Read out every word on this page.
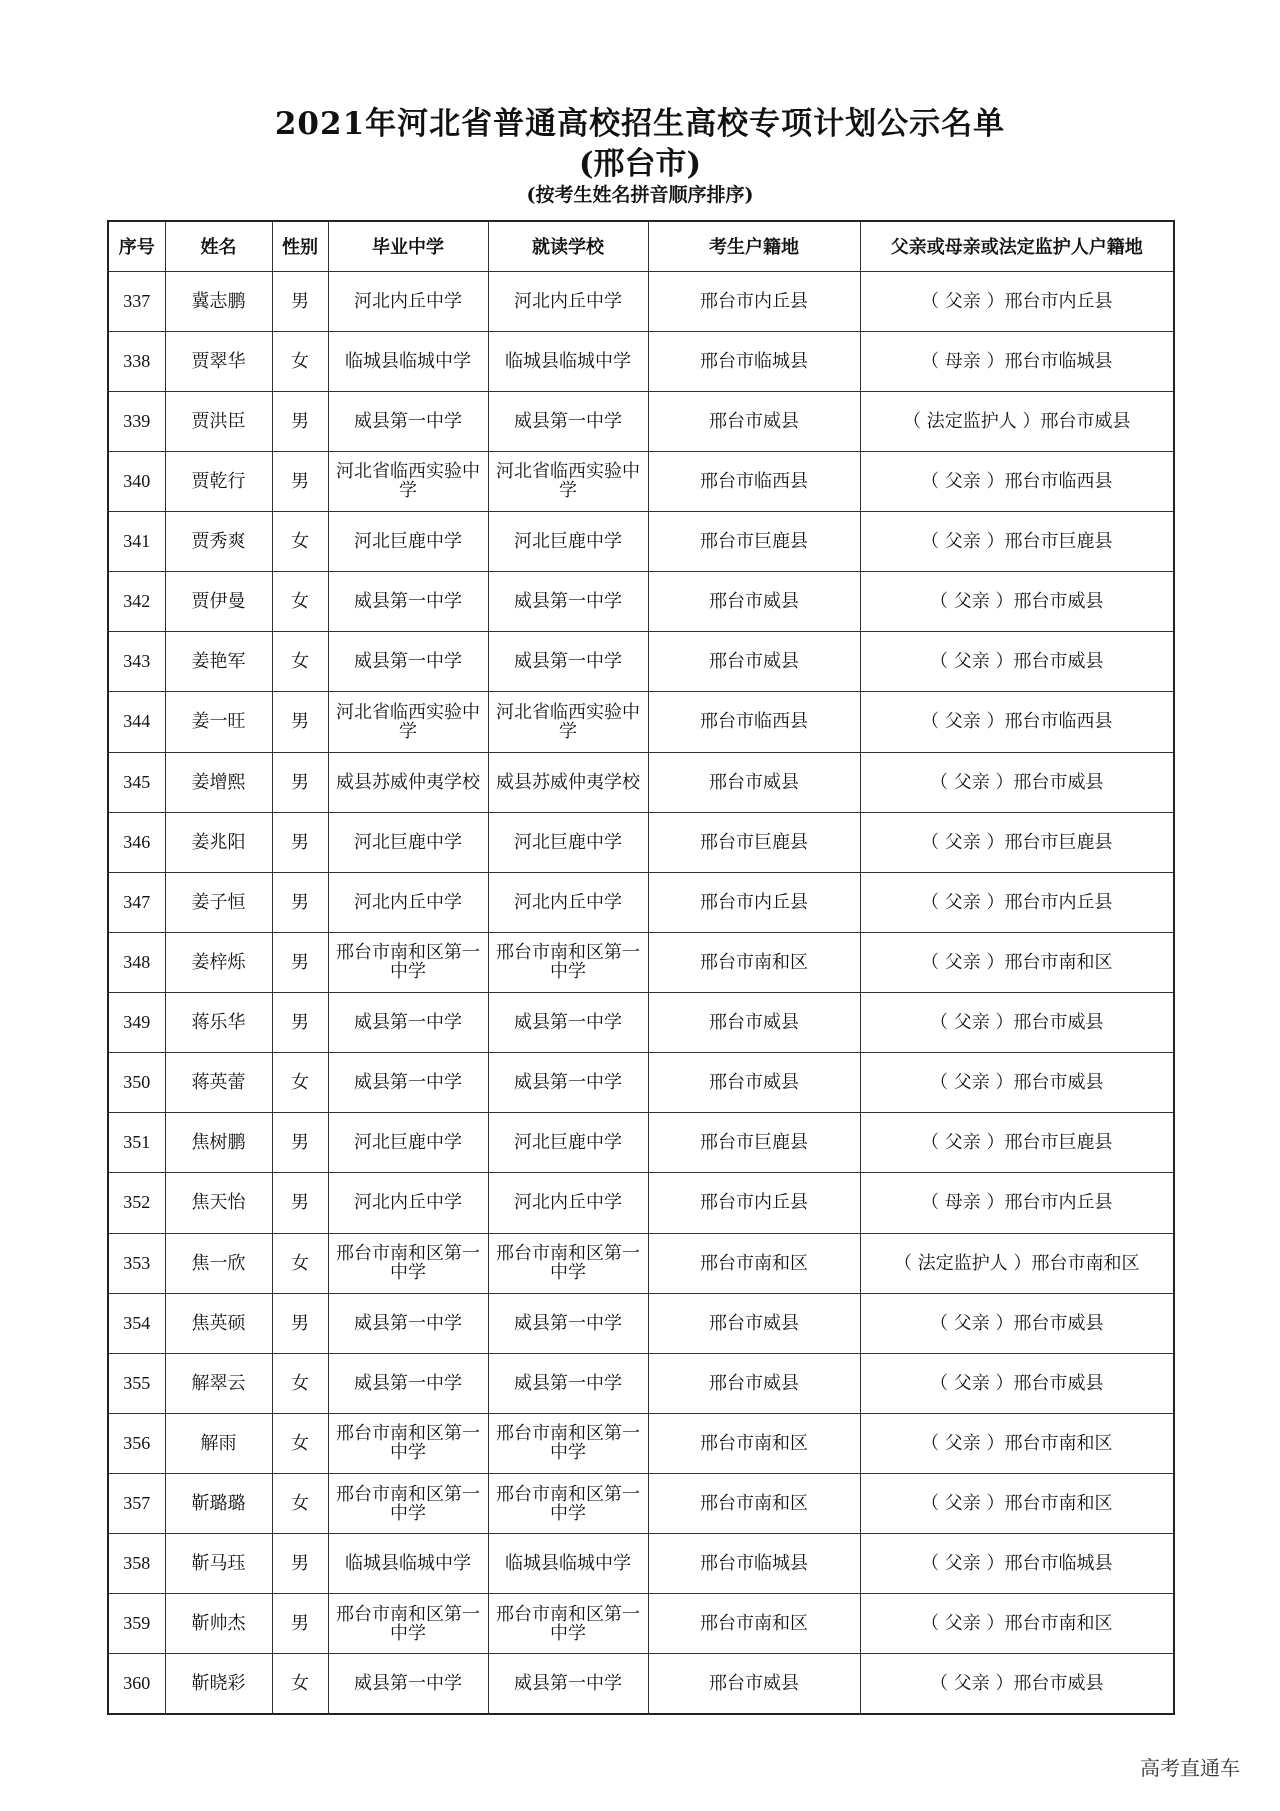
2021年河北省普通高校招生高校专项计划公示名单
(邢台市)
(按考生姓名拼音顺序排序)
序号	姓名	性别	毕业中学	就读学校	考生户籍地	父亲或母亲或法定监护人户籍地
337	冀志鹏	男	河北内丘中学	河北内丘中学	邢台市内丘县	（ 父亲 ）邢台市内丘县
338	贾翠华	女	临城县临城中学	临城县临城中学	邢台市临城县	（ 母亲 ）邢台市临城县
339	贾洪臣	男	威县第一中学	威县第一中学	邢台市威县	（ 法定监护人 ）邢台市威县
340	贾乾行	男	河北省临西实验中学	河北省临西实验中学	邢台市临西县	（ 父亲 ）邢台市临西县
341	贾秀爽	女	河北巨鹿中学	河北巨鹿中学	邢台市巨鹿县	（ 父亲 ）邢台市巨鹿县
342	贾伊曼	女	威县第一中学	威县第一中学	邢台市威县	（ 父亲 ）邢台市威县
343	姜艳军	女	威县第一中学	威县第一中学	邢台市威县	（ 父亲 ）邢台市威县
344	姜一旺	男	河北省临西实验中学	河北省临西实验中学	邢台市临西县	（ 父亲 ）邢台市临西县
345	姜增熙	男	威县苏威仲夷学校	威县苏威仲夷学校	邢台市威县	（ 父亲 ）邢台市威县
346	姜兆阳	男	河北巨鹿中学	河北巨鹿中学	邢台市巨鹿县	（ 父亲 ）邢台市巨鹿县
347	姜子恒	男	河北内丘中学	河北内丘中学	邢台市内丘县	（ 父亲 ）邢台市内丘县
348	姜梓烁	男	邢台市南和区第一中学	邢台市南和区第一中学	邢台市南和区	（ 父亲 ）邢台市南和区
349	蒋乐华	男	威县第一中学	威县第一中学	邢台市威县	（ 父亲 ）邢台市威县
350	蒋英蕾	女	威县第一中学	威县第一中学	邢台市威县	（ 父亲 ）邢台市威县
351	焦树鹏	男	河北巨鹿中学	河北巨鹿中学	邢台市巨鹿县	（ 父亲 ）邢台市巨鹿县
352	焦天怡	男	河北内丘中学	河北内丘中学	邢台市内丘县	（ 母亲 ）邢台市内丘县
353	焦一欣	女	邢台市南和区第一中学	邢台市南和区第一中学	邢台市南和区	（ 法定监护人 ）邢台市南和区
354	焦英硕	男	威县第一中学	威县第一中学	邢台市威县	（ 父亲 ）邢台市威县
355	解翠云	女	威县第一中学	威县第一中学	邢台市威县	（ 父亲 ）邢台市威县
356	解雨	女	邢台市南和区第一中学	邢台市南和区第一中学	邢台市南和区	（ 父亲 ）邢台市南和区
357	靳璐璐	女	邢台市南和区第一中学	邢台市南和区第一中学	邢台市南和区	（ 父亲 ）邢台市南和区
358	靳马珏	男	临城县临城中学	临城县临城中学	邢台市临城县	（ 父亲 ）邢台市临城县
359	靳帅杰	男	邢台市南和区第一中学	邢台市南和区第一中学	邢台市南和区	（ 父亲 ）邢台市南和区
360	靳晓彩	女	威县第一中学	威县第一中学	邢台市威县	（ 父亲 ）邢台市威县
高考直通车
